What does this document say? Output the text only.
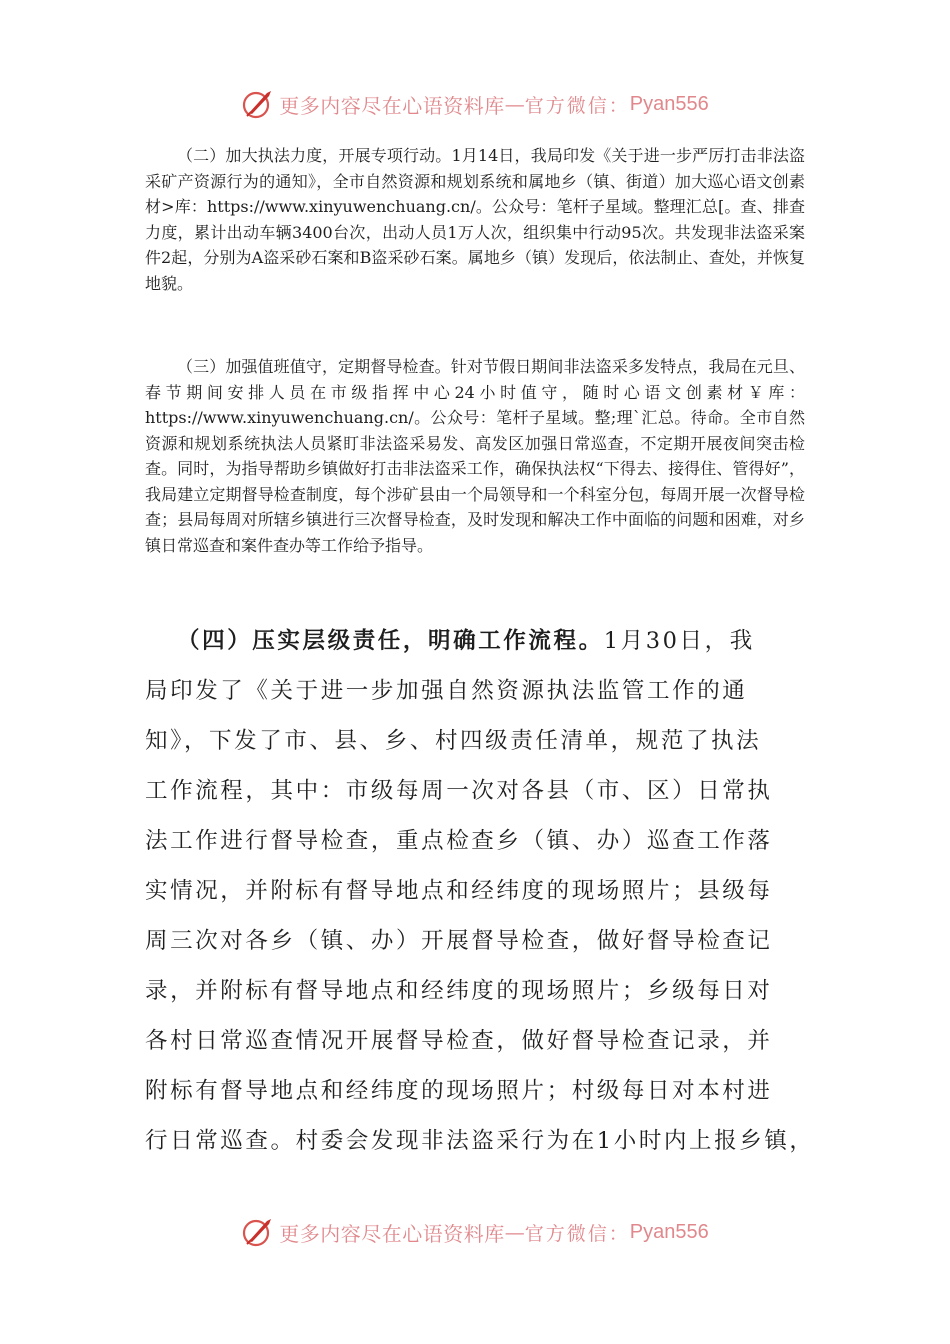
更多内容尽在心语资料库 — 官方微信： Pyan556

（二）加大执法力度，开展专项行动。1月14日，我局印发《关于进一步严厉打击非法盗采矿产资源行为的通知》，全市自然资源和规划系统和属地乡（镇、街道）加大巡心语文创素材>库：https://www.xinyuwenchuang.cn/。公众号：笔杆子星域。整理汇总[。查、排查力度，累计出动车辆3400台次，出动人员1万人次，组织集中行动95次。共发现非法盗采案件2起，分别为A盗采砂石案和B盗采砂石案。属地乡（镇）发现后，依法制止、查处，并恢复地貌。

（三）加强值班值守，定期督导检查。针对节假日期间非法盗采多发特点，我局在元旦、春节期间安排人员在市级指挥中心24小时值守，随时心语文创素材￥库：https://www.xinyuwenchuang.cn/。公众号：笔杆子星域。整;理`汇总。待命。全市自然资源和规划系统执法人员紧盯非法盗采易发、高发区加强日常巡查，不定期开展夜间突击检查。同时，为指导帮助乡镇做好打击非法盗采工作，确保执法权“下得去、接得住、管得好”，我局建立定期督导检查制度，每个涉矿县由一个局领导和一个科室分包，每周开展一次督导检查；县局每周对所辖乡镇进行三次督导检查，及时发现和解决工作中面临的问题和困难，对乡镇日常巡查和案件查办等工作给予指导。

（四）压实层级责任，明确工作流程。1月30日，我
局印发了《关于进一步加强自然资源执法监管工作的通
知》，下发了市、县、乡、村四级责任清单，规范了执法
工作流程，其中：市级每周一次对各县（市、区）日常执
法工作进行督导检查，重点检查乡（镇、办）巡查工作落
实情况，并附标有督导地点和经纬度的现场照片；县级每
周三次对各乡（镇、办）开展督导检查，做好督导检查记
录，并附标有督导地点和经纬度的现场照片；乡级每日对
各村日常巡查情况开展督导检查，做好督导检查记录，并
附标有督导地点和经纬度的现场照片；村级每日对本村进
行日常巡查。村委会发现非法盗采行为在1小时内上报乡镇，
更多内容尽在心语资料库 — 官方微信： Pyan556
